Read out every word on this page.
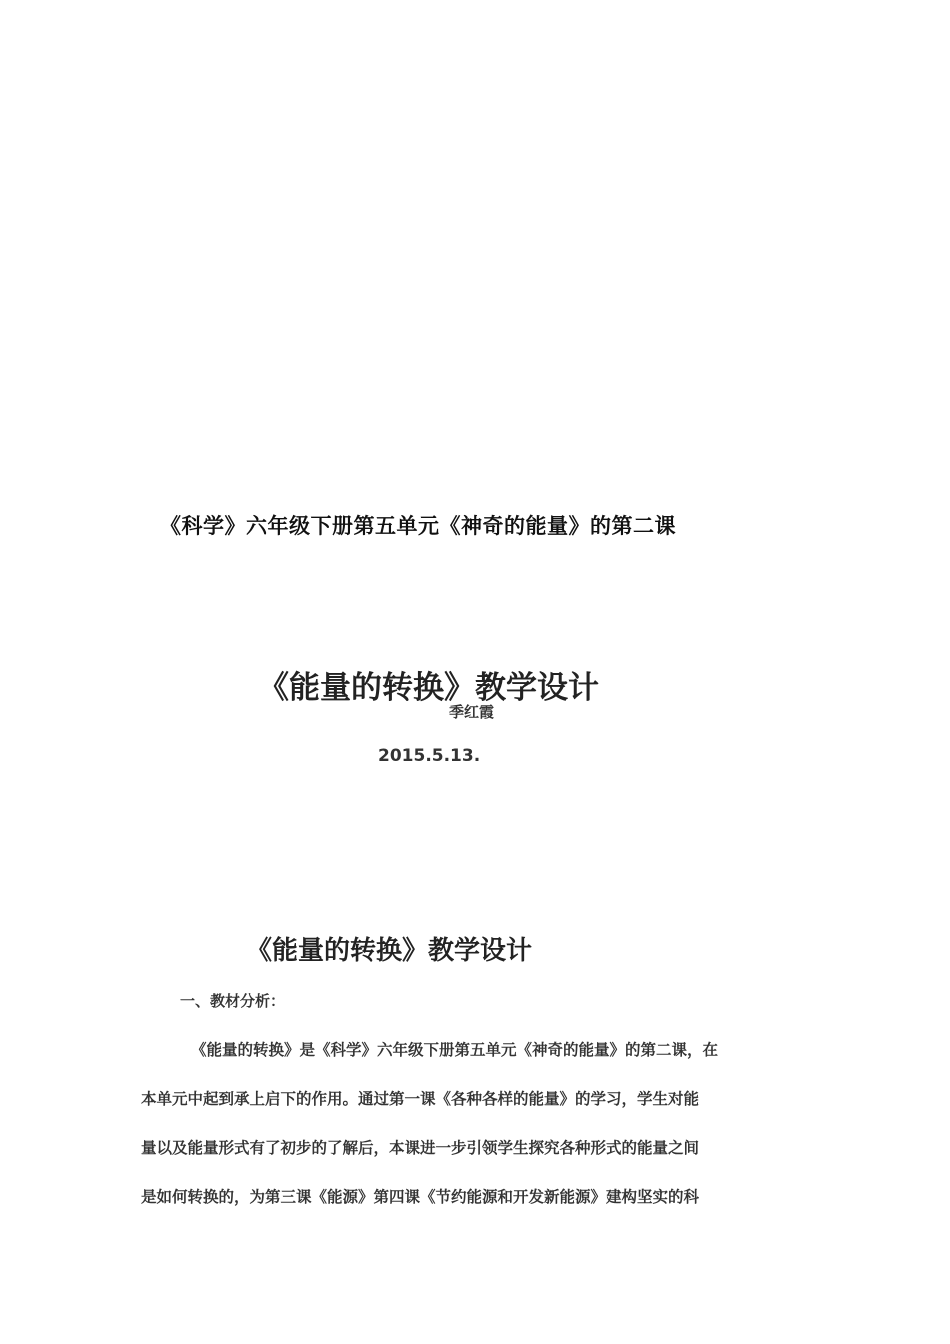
《科学》六年级下册第五单元《神奇的能量》的第二课

《能量的转换》教学设计

季红霞

2015.5.13.

《能量的转换》教学设计

一、教材分析：

《能量的转换》是《科学》六年级下册第五单元《神奇的能量》的第二课，在
本单元中起到承上启下的作用。通过第一课《各种各样的能量》的学习，学生对能
量以及能量形式有了初步的了解后，本课进一步引领学生探究各种形式的能量之间
是如何转换的，为第三课《能源》第四课《节约能源和开发新能源》建构坚实的科
